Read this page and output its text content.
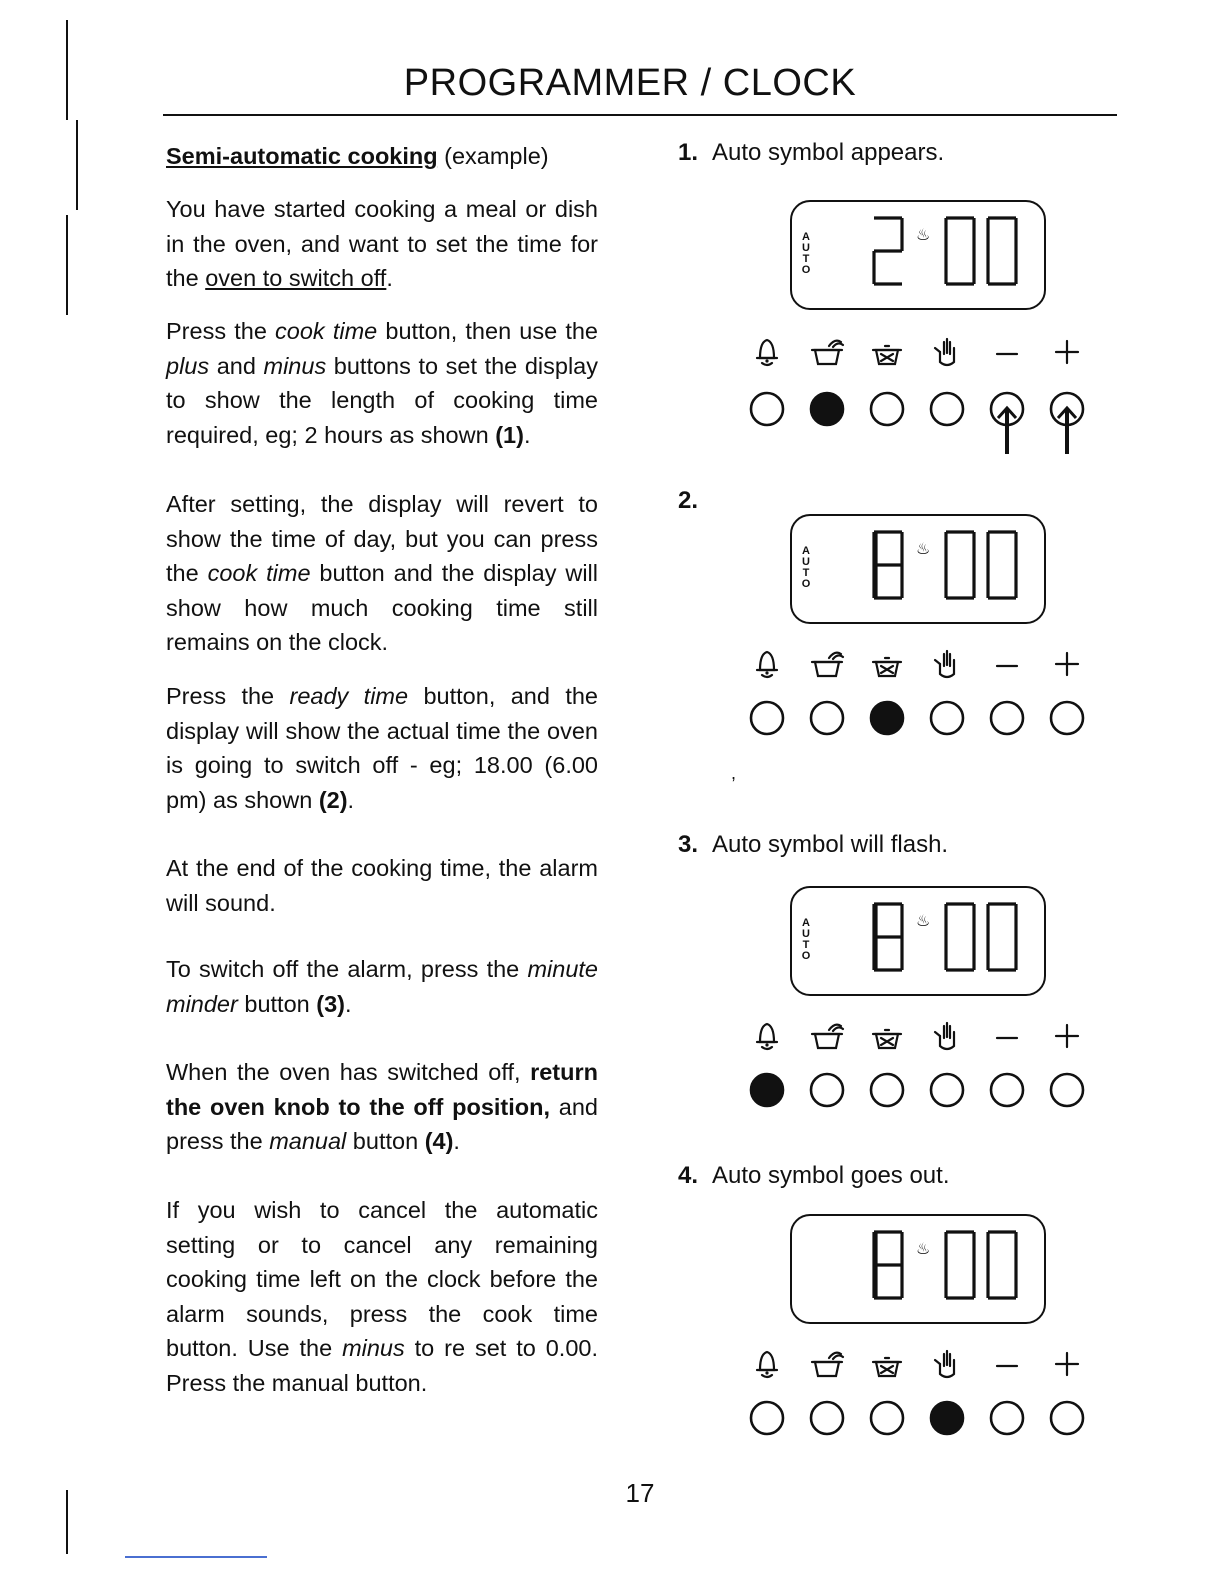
PROGRAMMER / CLOCK
Semi-automatic cooking (example)
You have started cooking a meal or dish in the oven, and want to set the time for the oven to switch off.
Press the cook time button, then use the plus and minus buttons to set the display to show the length of cooking time required, eg; 2 hours as shown (1).
After setting, the display will revert to show the time of day, but you can press the cook time button and the display will show how much cooking time still remains on the clock.
Press the ready time button, and the display will show the actual time the oven is going to switch off - eg; 18.00 (6.00 pm) as shown (2).
At the end of the cooking time, the alarm will sound.
To switch off the alarm, press the minute minder button (3).
When the oven has switched off, return the oven knob to the off position, and press the manual button (4).
If you wish to cancel the automatic setting or to cancel any remaining cooking time left on the clock before the alarm sounds, press the cook time button. Use the minus to re set to 0.00. Press the manual button.
1. Auto symbol appears.
A
U
T
O
♨
2.
A
U
T
O
♨
3. Auto symbol will flash.
A
U
T
O
♨
4. Auto symbol goes out.
♨
,
17
